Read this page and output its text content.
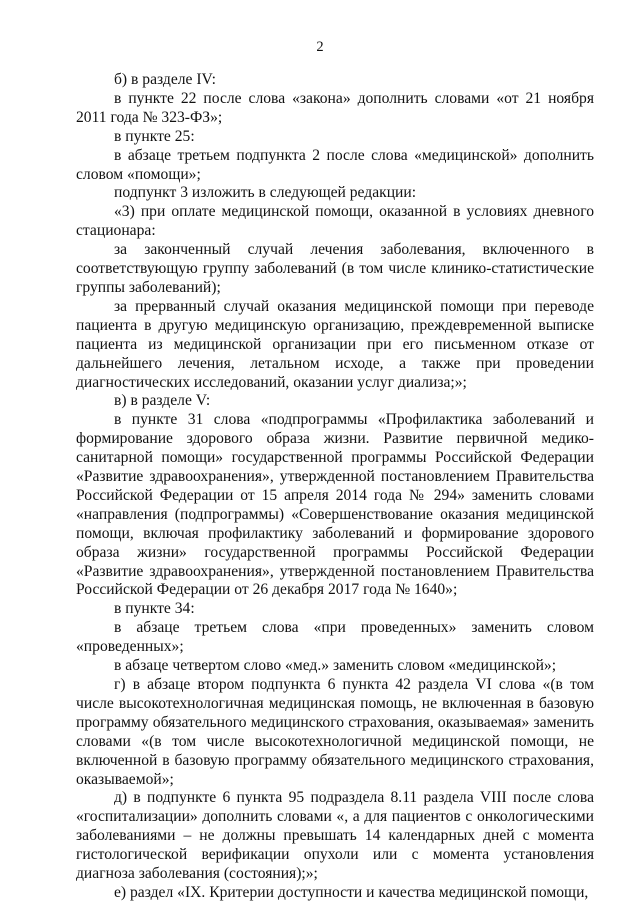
2

б) в разделе IV:

в пункте 22 после слова «закона» дополнить словами «от 21 ноября 2011 года № 323-ФЗ»;

в пункте 25:

в абзаце третьем подпункта 2 после слова «медицинской» дополнить словом «помощи»;

подпункт 3 изложить в следующей редакции:

«3) при оплате медицинской помощи, оказанной в условиях дневного стационара:

за законченный случай лечения заболевания, включенного в соответствующую группу заболеваний (в том числе клинико-статистические группы заболеваний);

за прерванный случай оказания медицинской помощи при переводе пациента в другую медицинскую организацию, преждевременной выписке пациента из медицинской организации при его письменном отказе от дальнейшего лечения, летальном исходе, а также при проведении диагностических исследований, оказании услуг диализа;»;

в) в разделе V:

в пункте 31 слова «подпрограммы «Профилактика заболеваний и формирование здорового образа жизни. Развитие первичной медико-санитарной помощи» государственной программы Российской Федерации «Развитие здравоохранения», утвержденной постановлением Правительства Российской Федерации от 15 апреля 2014 года № 294» заменить словами «направления (подпрограммы) «Совершенствование оказания медицинской помощи, включая профилактику заболеваний и формирование здорового образа жизни» государственной программы Российской Федерации «Развитие здравоохранения», утвержденной постановлением Правительства Российской Федерации от 26 декабря 2017 года № 1640»;

в пункте 34:

в абзаце третьем слова «при проведенных» заменить словом «проведенных»;

в абзаце четвертом слово «мед.» заменить словом «медицинской»;

г) в абзаце втором подпункта 6 пункта 42 раздела VI слова «(в том числе высокотехнологичная медицинская помощь, не включенная в базовую программу обязательного медицинского страхования, оказываемая» заменить словами «(в том числе высокотехнологичной медицинской помощи, не включенной в базовую программу обязательного медицинского страхования, оказываемой»;

д) в подпункте 6 пункта 95 подраздела 8.11 раздела VIII после слова «госпитализации» дополнить словами «, а для пациентов с онкологическими заболеваниями – не должны превышать 14 календарных дней с момента гистологической верификации опухоли или с момента установления диагноза заболевания (состояния);»;

е) раздел «IX. Критерии доступности и качества медицинской помощи,
